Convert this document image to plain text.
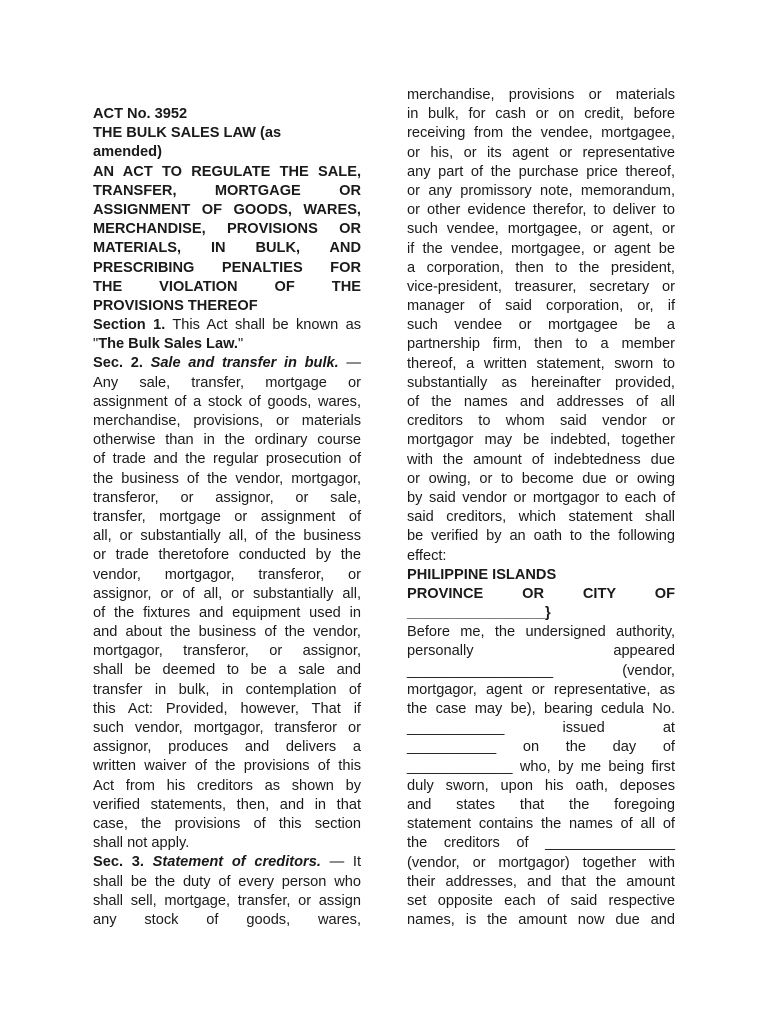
ACT No. 3952
THE BULK SALES LAW (as
amended)
AN ACT TO REGULATE THE SALE,
TRANSFER, MORTGAGE OR
ASSIGNMENT OF GOODS, WARES,
MERCHANDISE, PROVISIONS OR
MATERIALS, IN BULK, AND
PRESCRIBING PENALTIES FOR
THE VIOLATION OF THE
PROVISIONS THEREOF
Section 1. This Act shall be known as
"The Bulk Sales Law."
Sec. 2. Sale and transfer in bulk. —
Any sale, transfer, mortgage or
assignment of a stock of goods, wares,
merchandise, provisions, or materials
otherwise than in the ordinary course
of trade and the regular prosecution of
the business of the vendor, mortgagor,
transferor, or assignor, or sale,
transfer, mortgage or assignment of
all, or substantially all, of the business
or trade theretofore conducted by the
vendor, mortgagor, transferor, or
assignor, or of all, or substantially all,
of the fixtures and equipment used in
and about the business of the vendor,
mortgagor, transferor, or assignor,
shall be deemed to be a sale and
transfer in bulk, in contemplation of
this Act: Provided, however, That if
such vendor, mortgagor, transferor or
assignor, produces and delivers a
written waiver of the provisions of this
Act from his creditors as shown by
verified statements, then, and in that
case, the provisions of this section
shall not apply.
Sec. 3. Statement of creditors. — It
shall be the duty of every person who
shall sell, mortgage, transfer, or assign
any stock of goods, wares,
merchandise, provisions or materials
in bulk, for cash or on credit, before
receiving from the vendee, mortgagee,
or his, or its agent or representative
any part of the purchase price thereof,
or any promissory note, memorandum,
or other evidence therefor, to deliver to
such vendee, mortgagee, or agent, or
if the vendee, mortgagee, or agent be
a corporation, then to the president,
vice-president, treasurer, secretary or
manager of said corporation, or, if
such vendee or mortgagee be a
partnership firm, then to a member
thereof, a written statement, sworn to
substantially as hereinafter provided,
of the names and addresses of all
creditors to whom said vendor or
mortgagor may be indebted, together
with the amount of indebtedness due
or owing, or to become due or owing
by said vendor or mortgagor to each of
said creditors, which statement shall
be verified by an oath to the following
effect:
PHILIPPINE ISLANDS
PROVINCE OR CITY OF
_________________}
Before me, the undersigned authority,
personally appeared
__________________ (vendor,
mortgagor, agent or representative, as
the case may be), bearing cedula No.
____________ issued at
___________ on the day of
_____________ who, by me being first
duly sworn, upon his oath, deposes
and states that the foregoing
statement contains the names of all of
the creditors of ________________
(vendor, or mortgagor) together with
their addresses, and that the amount
set opposite each of said respective
names, is the amount now due and
